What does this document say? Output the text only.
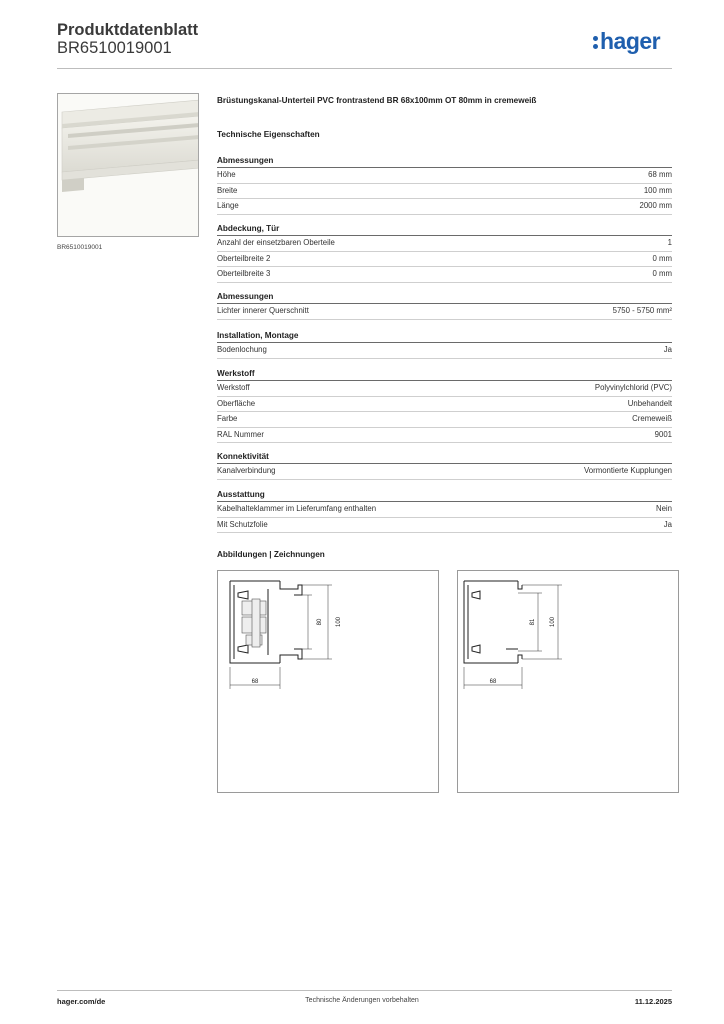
Produktdatenblatt
BR6510019001	hager
BR6510019001
Brüstungskanal-Unterteil PVC frontrastend BR 68x100mm OT 80mm in cremeweiß
Technische Eigenschaften
Abmessungen
Höhe	68 mm
Breite	100 mm
Länge	2000 mm
Abdeckung, Tür
Anzahl der einsetzbaren Oberteile	1
Oberteilbreite 2	0 mm
Oberteilbreite 3	0 mm
Abmessungen
Lichter innerer Querschnitt	5750 - 5750 mm²
Installation, Montage
Bodenlochung	Ja
Werkstoff
Werkstoff	Polyvinylchlorid (PVC)
Oberfläche	Unbehandelt
Farbe	Cremeweiß
RAL Nummer	9001
Konnektivität
Kanalverbindung	Vormontierte Kupplungen
Ausstattung
Kabelhalteklammer im Lieferumfang enthalten	Nein
Mit Schutzfolie	Ja
Abbildungen | Zeichnungen
100
80
68
100
81
68
hager.com/de	Technische Änderungen vorbehalten	11.12.2025
